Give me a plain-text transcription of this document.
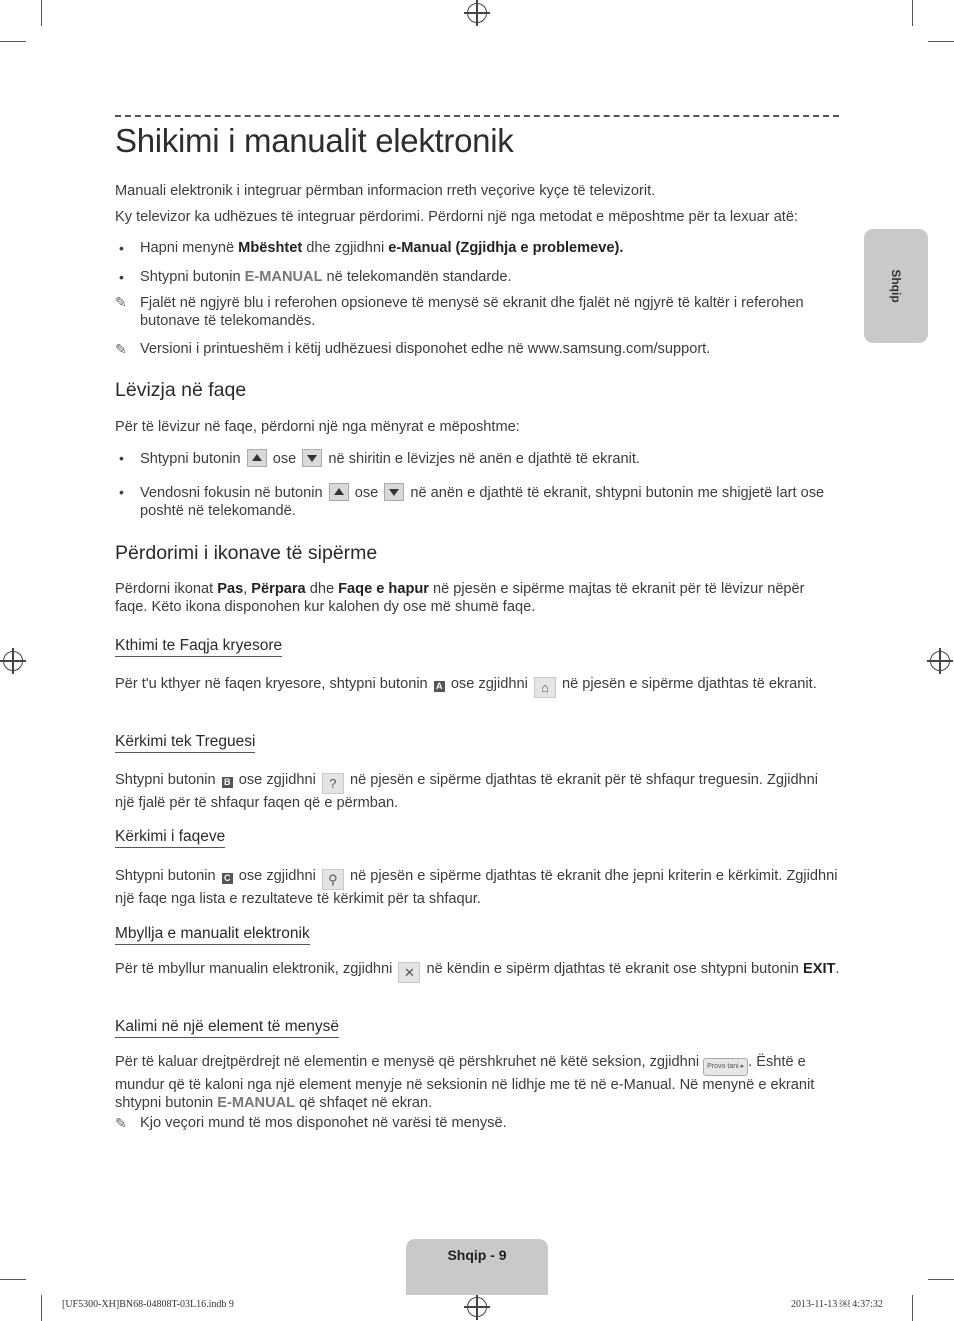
Shikimi i manualit elektronik
Shqip

Manuali elektronik i integruar përmban informacion rreth veçorive kyçe të televizorit.

Ky televizor ka udhëzues të integruar përdorimi. Përdorni një nga metodat e mëposhtme për ta lexuar atë:

• Hapni menynë Mbështet dhe zgjidhni e-Manual (Zgjidhja e problemeve).

• Shtypni butonin E-MANUAL në telekomandën standarde.

✎ Fjalët në ngjyrë blu i referohen opsioneve të menysë së ekranit dhe fjalët në ngjyrë të kaltër i referohen butonave të telekomandës.

✎ Versioni i printueshëm i këtij udhëzuesi disponohet edhe në www.samsung.com/support.

Lëvizja në faqe

Për të lëvizur në faqe, përdorni një nga mënyrat e mëposhtme:

• Shtypni butonin ose në shiritin e lëvizjes në anën e djathtë të ekranit.

• Vendosni fokusin në butonin ose në anën e djathtë të ekranit, shtypni butonin me shigjetë lart ose poshtë në telekomandë.

Përdorimi i ikonave të sipërme

Përdorni ikonat Pas, Përpara dhe Faqe e hapur në pjesën e sipërme majtas të ekranit për të lëvizur nëpër faqe. Këto ikona disponohen kur kalohen dy ose më shumë faqe.

Kthimi te Faqja kryesore

Për t'u kthyer në faqen kryesore, shtypni butonin A ose zgjidhni ⌂ në pjesën e sipërme djathtas të ekranit.

Kërkimi tek Treguesi

Shtypni butonin B ose zgjidhni ? në pjesën e sipërme djathtas të ekranit për të shfaqur treguesin. Zgjidhni një fjalë për të shfaqur faqen që e përmban.

Kërkimi i faqeve

Shtypni butonin C ose zgjidhni ⚲ në pjesën e sipërme djathtas të ekranit dhe jepni kriterin e kërkimit. Zgjidhni një faqe nga lista e rezultateve të kërkimit për ta shfaqur.

Mbyllja e manualit elektronik

Për të mbyllur manualin elektronik, zgjidhni ✕ në këndin e sipërm djathtas të ekranit ose shtypni butonin EXIT.

Kalimi në një element të menysë

Për të kaluar drejtpërdrejt në elementin e menysë që përshkruhet në këtë seksion, zgjidhni Provo tani ▸ . Është e mundur që të kaloni nga një element menyje në seksionin në lidhje me të në e-Manual. Në menynë e ekranit shtypni butonin E-MANUAL që shfaqet në ekran.

✎ Kjo veçori mund të mos disponohet në varësi të menysë.

Shqip - 9
[UF5300-XH]BN68-04808T-03L16.indb 9	2013-11-13 ￼ 4:37:32
